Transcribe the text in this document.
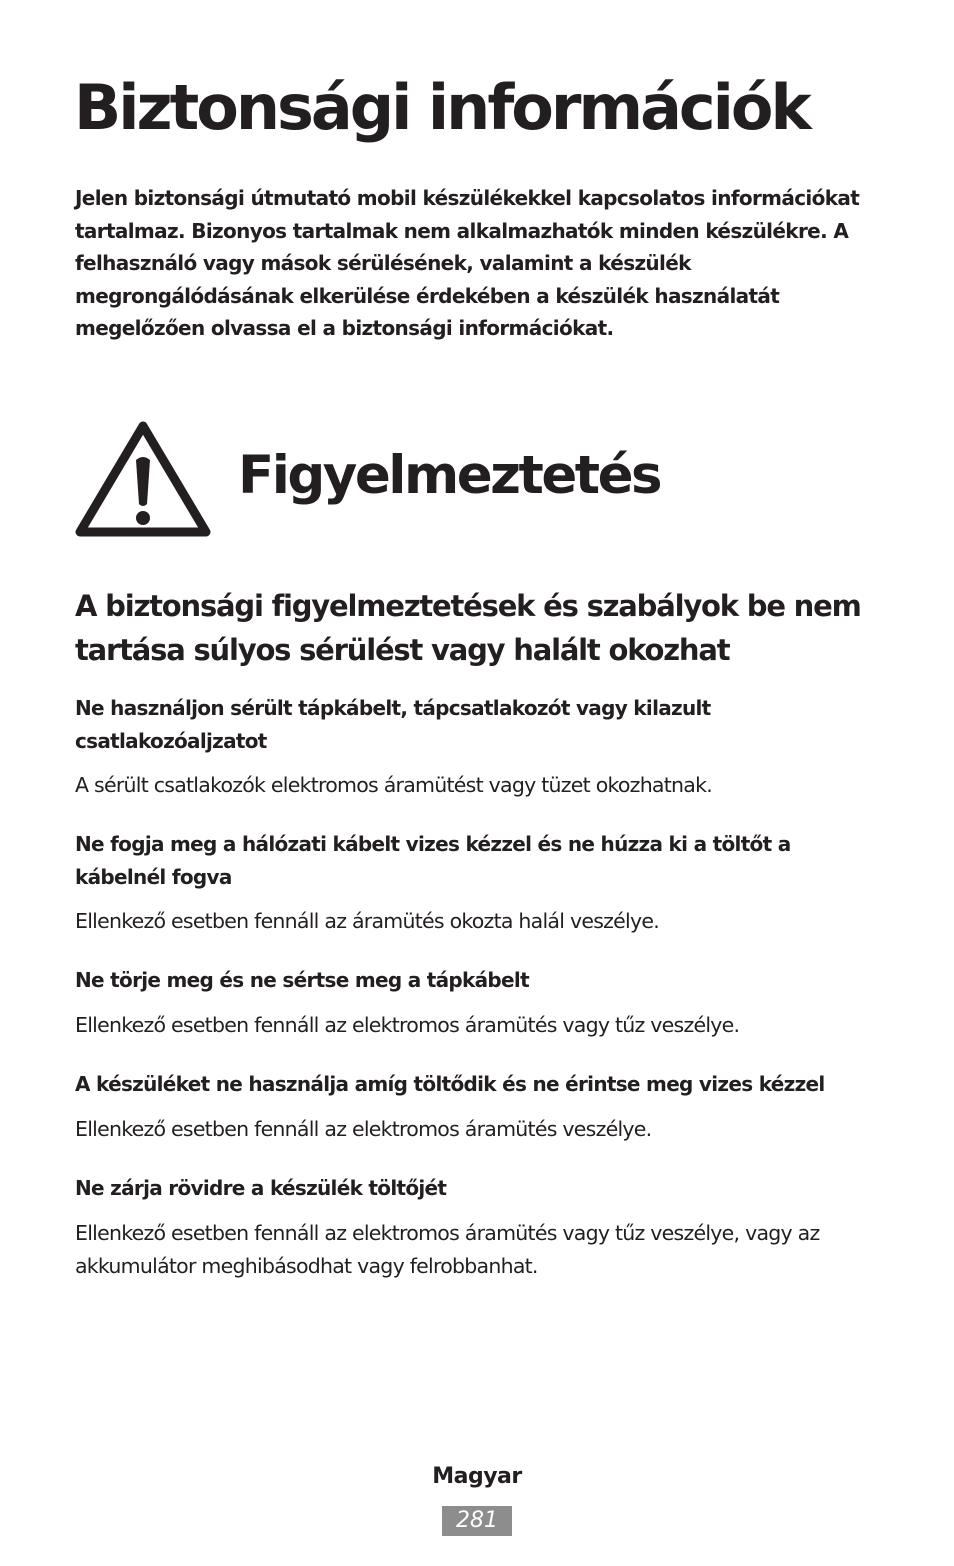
Biztonsági információk

Jelen biztonsági útmutató mobil készülékekkel kapcsolatos információkat tartalmaz. Bizonyos tartalmak nem alkalmazhatók minden készülékre. A felhasználó vagy mások sérülésének, valamint a készülék megrongálódásának elkerülése érdekében a készülék használatát megelőzően olvassa el a biztonsági információkat.

Figyelmeztetés
A biztonsági figyelmeztetések és szabályok be nem tartása súlyos sérülést vagy halált okozhat

Ne használjon sérült tápkábelt, tápcsatlakozót vagy kilazult csatlakozóaljzatot

A sérült csatlakozók elektromos áramütést vagy tüzet okozhatnak.

Ne fogja meg a hálózati kábelt vizes kézzel és ne húzza ki a töltőt a kábelnél fogva

Ellenkező esetben fennáll az áramütés okozta halál veszélye.

Ne törje meg és ne sértse meg a tápkábelt

Ellenkező esetben fennáll az elektromos áramütés vagy tűz veszélye.

A készüléket ne használja amíg töltődik és ne érintse meg vizes kézzel

Ellenkező esetben fennáll az elektromos áramütés veszélye.

Ne zárja rövidre a készülék töltőjét

Ellenkező esetben fennáll az elektromos áramütés vagy tűz veszélye, vagy az akkumulátor meghibásodhat vagy felrobbanhat.

Magyar

281
